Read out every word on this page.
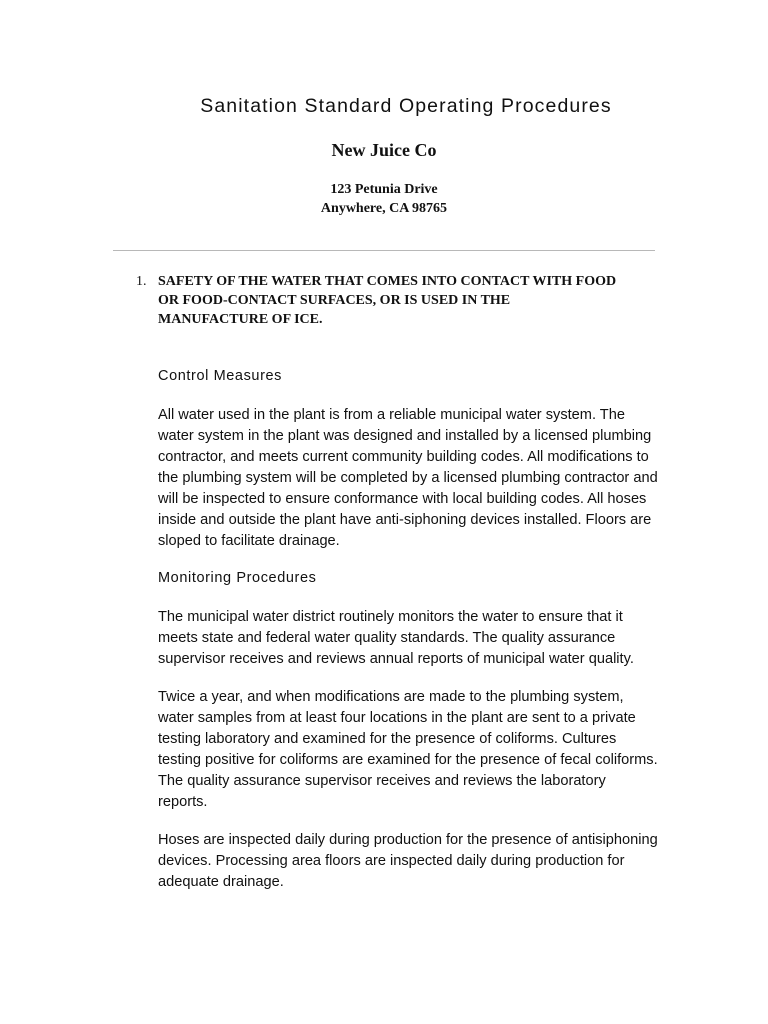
Sanitation Standard Operating Procedures
New Juice Co
123 Petunia Drive
Anywhere, CA 98765
1. SAFETY OF THE WATER THAT COMES INTO CONTACT WITH FOOD OR FOOD-CONTACT SURFACES, OR IS USED IN THE MANUFACTURE OF ICE.
Control Measures

All water used in the plant is from a reliable municipal water system. The water system in the plant was designed and installed by a licensed plumbing contractor, and meets current community building codes. All modifications to the plumbing system will be completed by a licensed plumbing contractor and will be inspected to ensure conformance with local building codes. All hoses inside and outside the plant have anti-siphoning devices installed. Floors are sloped to facilitate drainage.

Monitoring Procedures

The municipal water district routinely monitors the water to ensure that it meets state and federal water quality standards. The quality assurance supervisor receives and reviews annual reports of municipal water quality.

Twice a year, and when modifications are made to the plumbing system, water samples from at least four locations in the plant are sent to a private testing laboratory and examined for the presence of coliforms. Cultures testing positive for coliforms are examined for the presence of fecal coliforms. The quality assurance supervisor receives and reviews the laboratory reports.

Hoses are inspected daily during production for the presence of antisiphoning devices. Processing area floors are inspected daily during production for adequate drainage.
